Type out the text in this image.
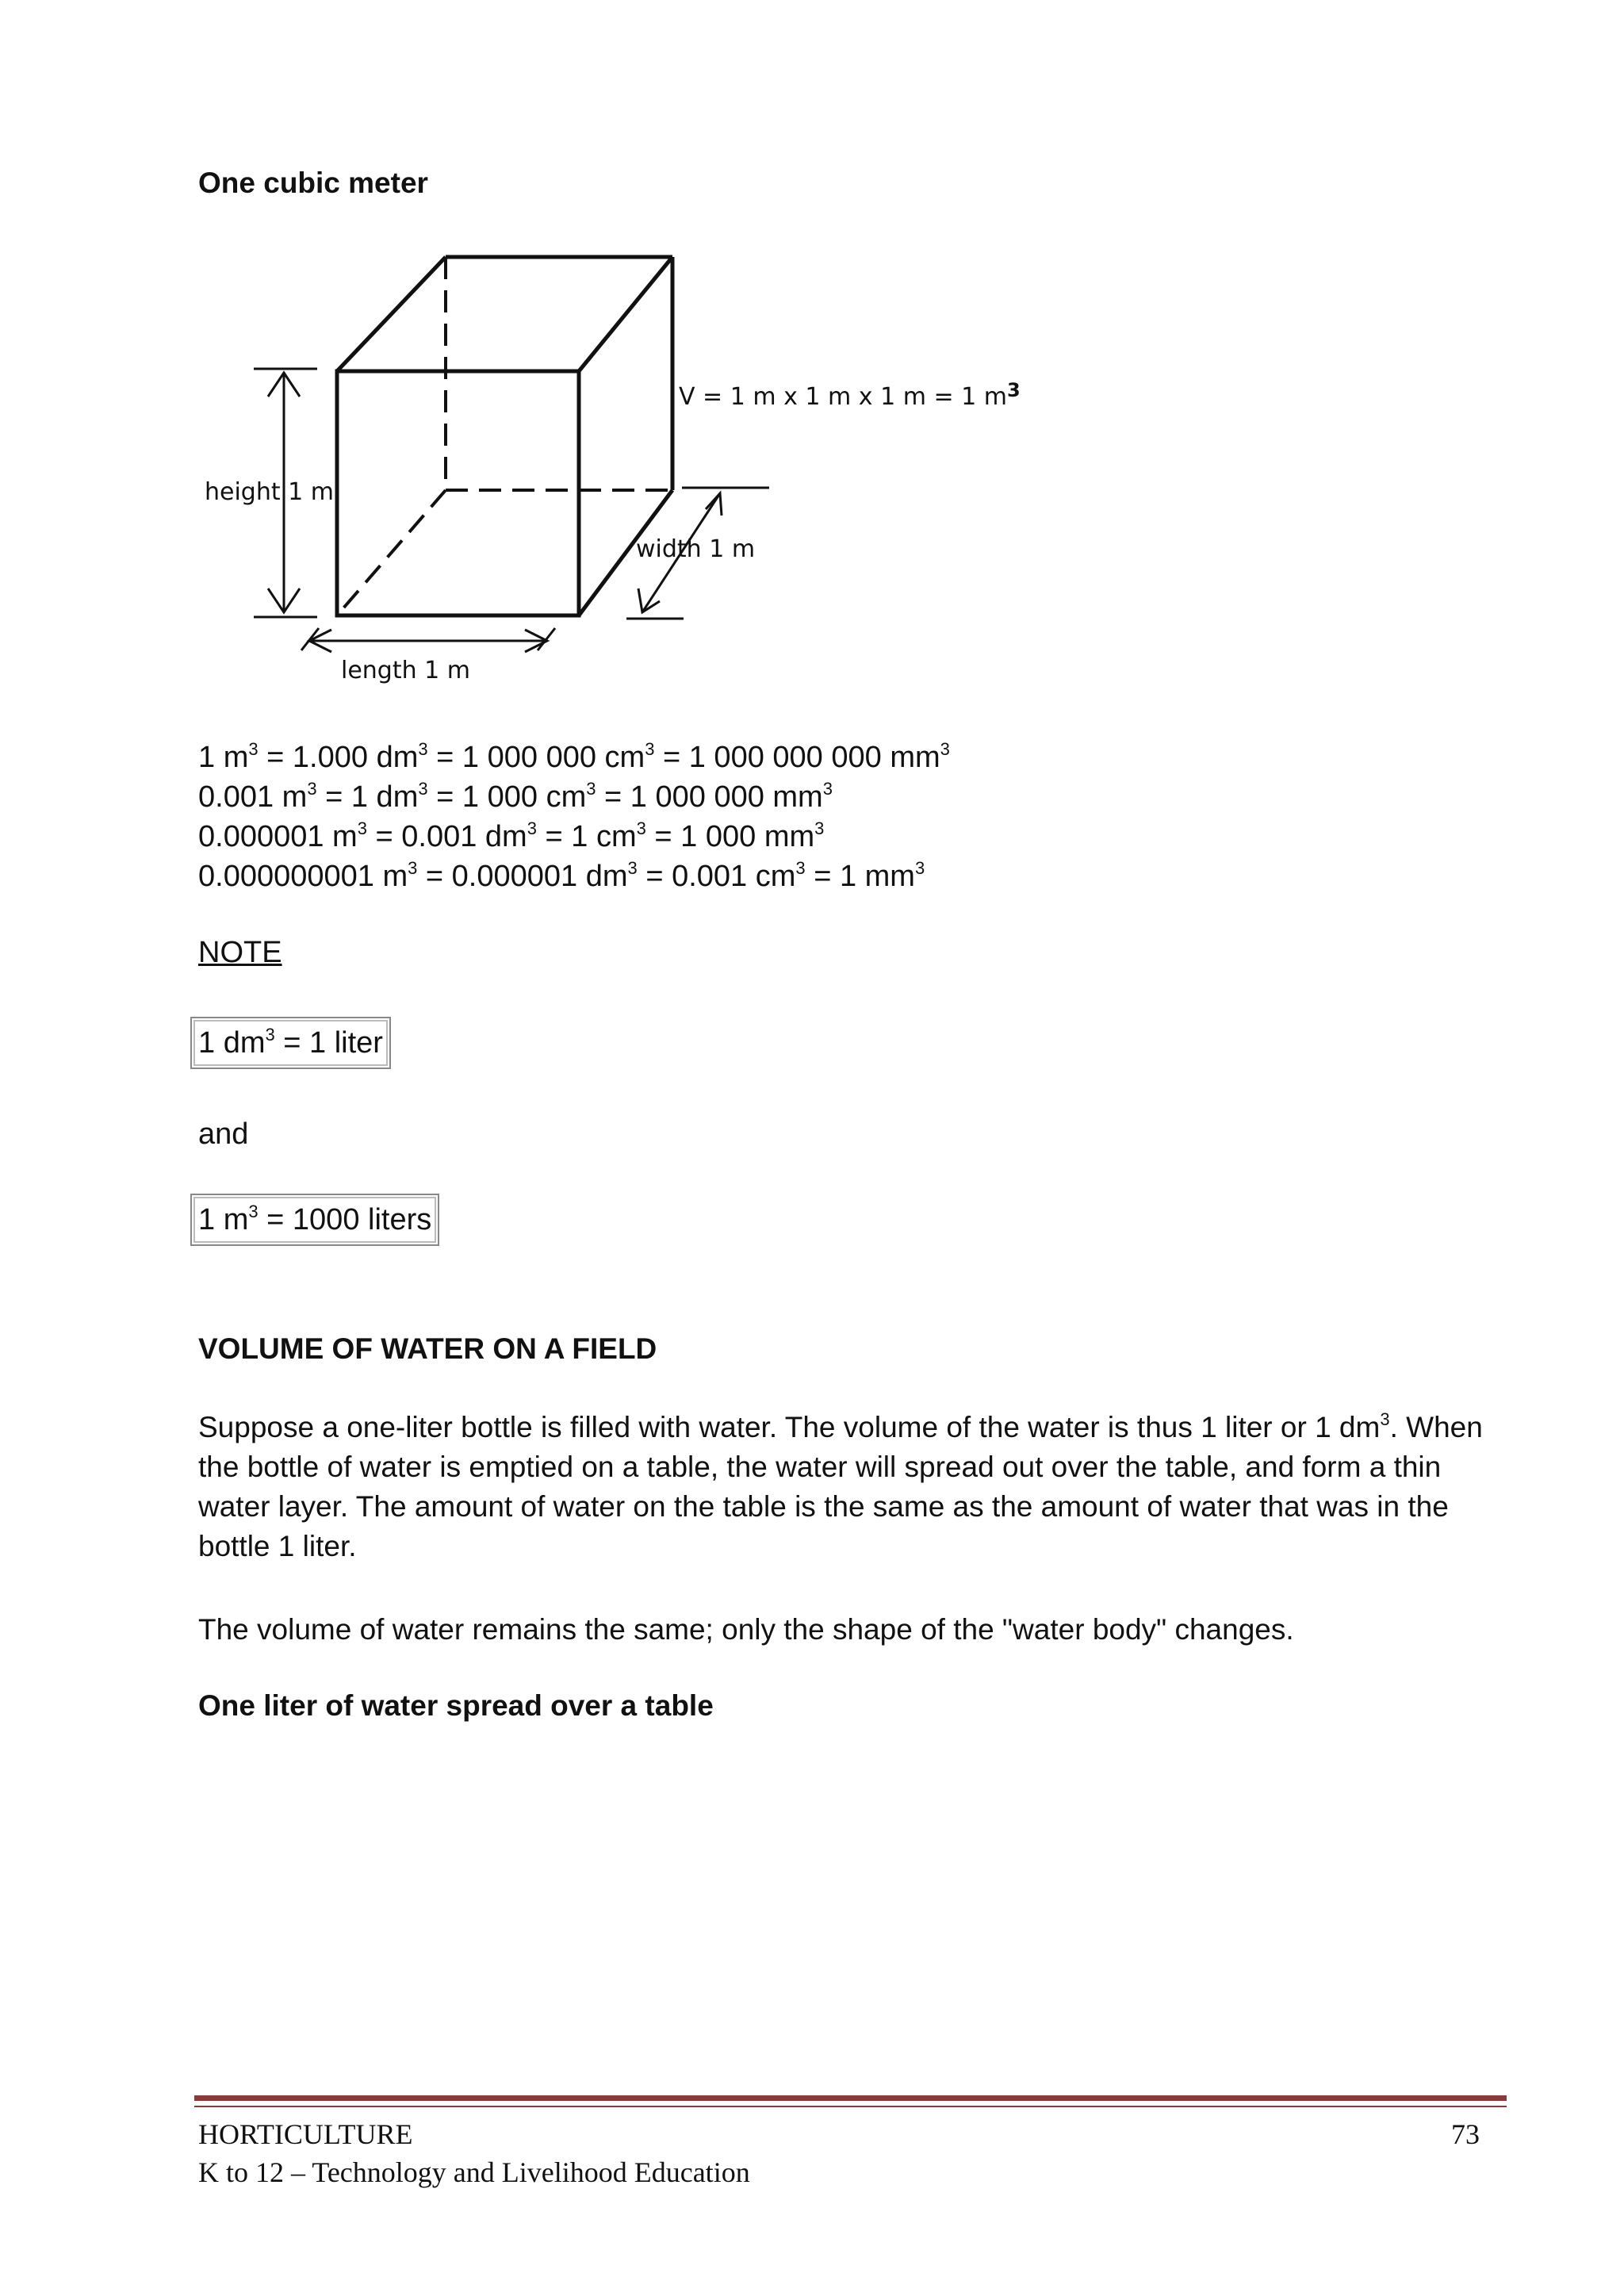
One cubic meter
V = 1 m x 1 m x 1 m = 1 $m^3$
height 1 m
width 1 m
length 1 m
1 $m^3 = 1.000$ $dm^3 = 1$ 000 000 $cm^3 = 1$ 000 000 000 $mm^3$
0.001 $m^3 = 1$ $dm^3 = 1$ 000 $cm^3 = 1$ 000 000 $mm^3$
0.000001 $m^3 = 0.001$ $dm^3 = 1$ $cm^3 = 1$ 000 $mm^3$
0.000000001 $m^3 = 0.000001$ $dm^3 = 0.001$ $cm^3 = 1$ $mm^3$
NOTE
1 $dm^3 = 1$ liter
and
1 $m^3 = 1000$ liters
VOLUME OF WATER ON A FIELD
Suppose a one-liter bottle is filled with water. The volume of the water is thus 1 liter or 1 $dm^3$. When the bottle of water is emptied on a table, the water will spread out over the table, and form a thin water layer. The amount of water on the table is the same as the amount of water that was in the bottle 1 liter.
The volume of water remains the same; only the shape of the "water body" changes.
One liter of water spread over a table
HORTICULTURE	73
K to 12 – Technology and Livelihood Education
